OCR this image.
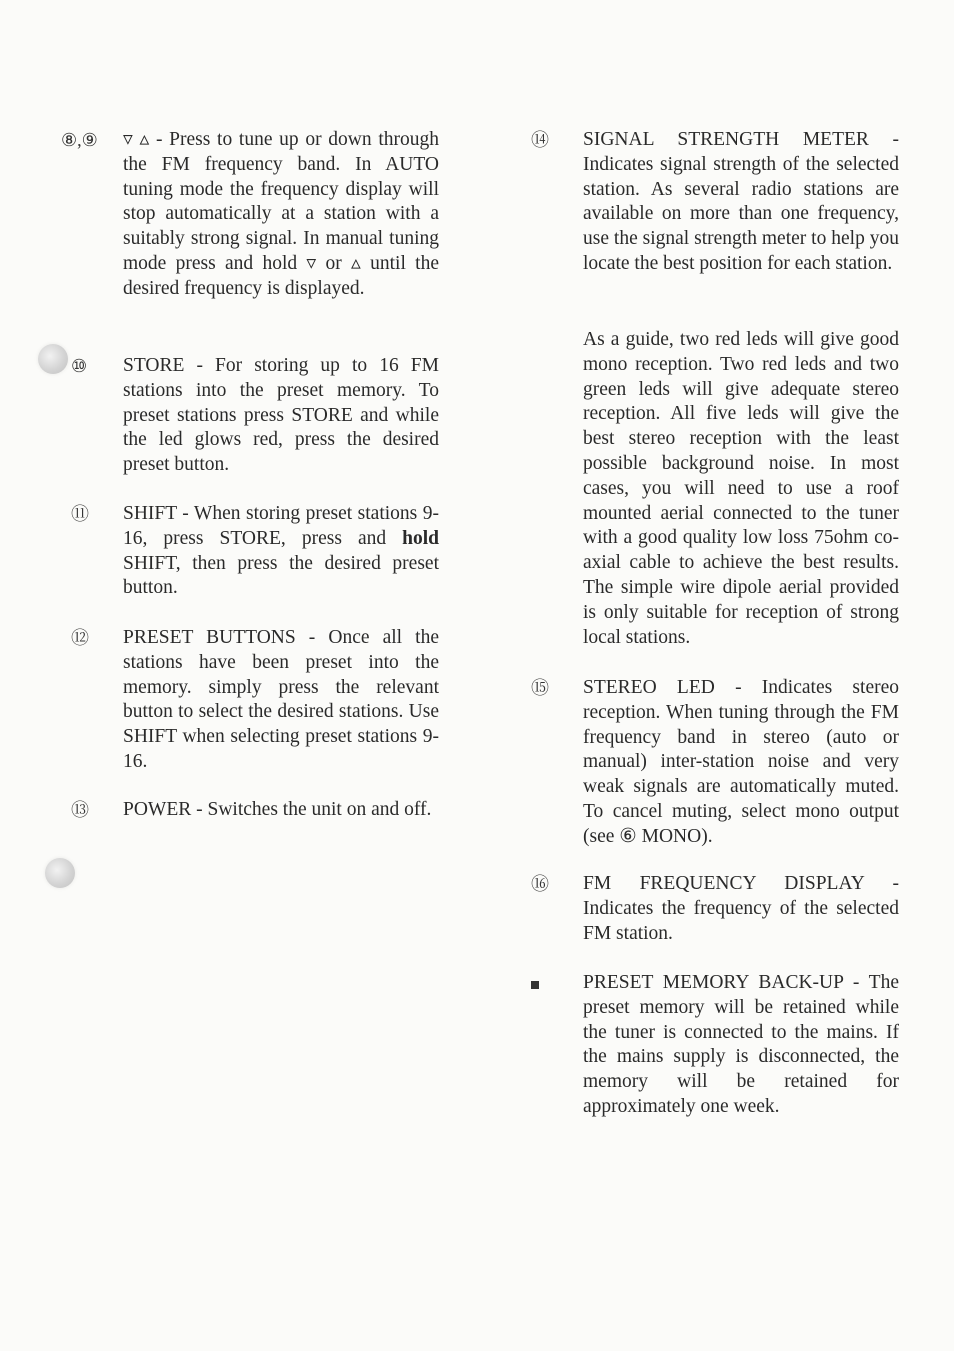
⑧,⑨ ▿ ▵ - Press to tune up or down through the FM frequency band. In AUTO tuning mode the frequency display will stop automatically at a station with a suitably strong signal. In manual tuning mode press and hold ▿ or ▵ until the desired frequency is displayed.
⑩ STORE - For storing up to 16 FM stations into the preset memory. To preset stations press STORE and while the led glows red, press the desired preset button.
⑪ SHIFT - When storing preset stations 9-16, press STORE, press and hold SHIFT, then press the desired preset button.
⑫ PRESET BUTTONS - Once all the stations have been preset into the memory. simply press the relevant button to select the desired stations. Use SHIFT when selecting preset stations 9-16.
⑬ POWER - Switches the unit on and off.
⑭ SIGNAL STRENGTH METER - Indicates signal strength of the selected station. As several radio stations are available on more than one frequency, use the signal strength meter to help you locate the best position for each station.
As a guide, two red leds will give good mono reception. Two red leds and two green leds will give adequate stereo reception. All five leds will give the best stereo reception with the least possible background noise. In most cases, you will need to use a roof mounted aerial connected to the tuner with a good quality low loss 75ohm co-axial cable to achieve the best results. The simple wire dipole aerial provided is only suitable for reception of strong local stations.
⑮ STEREO LED - Indicates stereo reception. When tuning through the FM frequency band in stereo (auto or manual) inter-station noise and very weak signals are automatically muted. To cancel muting, select mono output (see ⑥ MONO).
⑯ FM FREQUENCY DISPLAY - Indicates the frequency of the selected FM station.
PRESET MEMORY BACK-UP - The preset memory will be retained while the tuner is connected to the mains. If the mains supply is disconnected, the memory will be retained for approximately one week.
